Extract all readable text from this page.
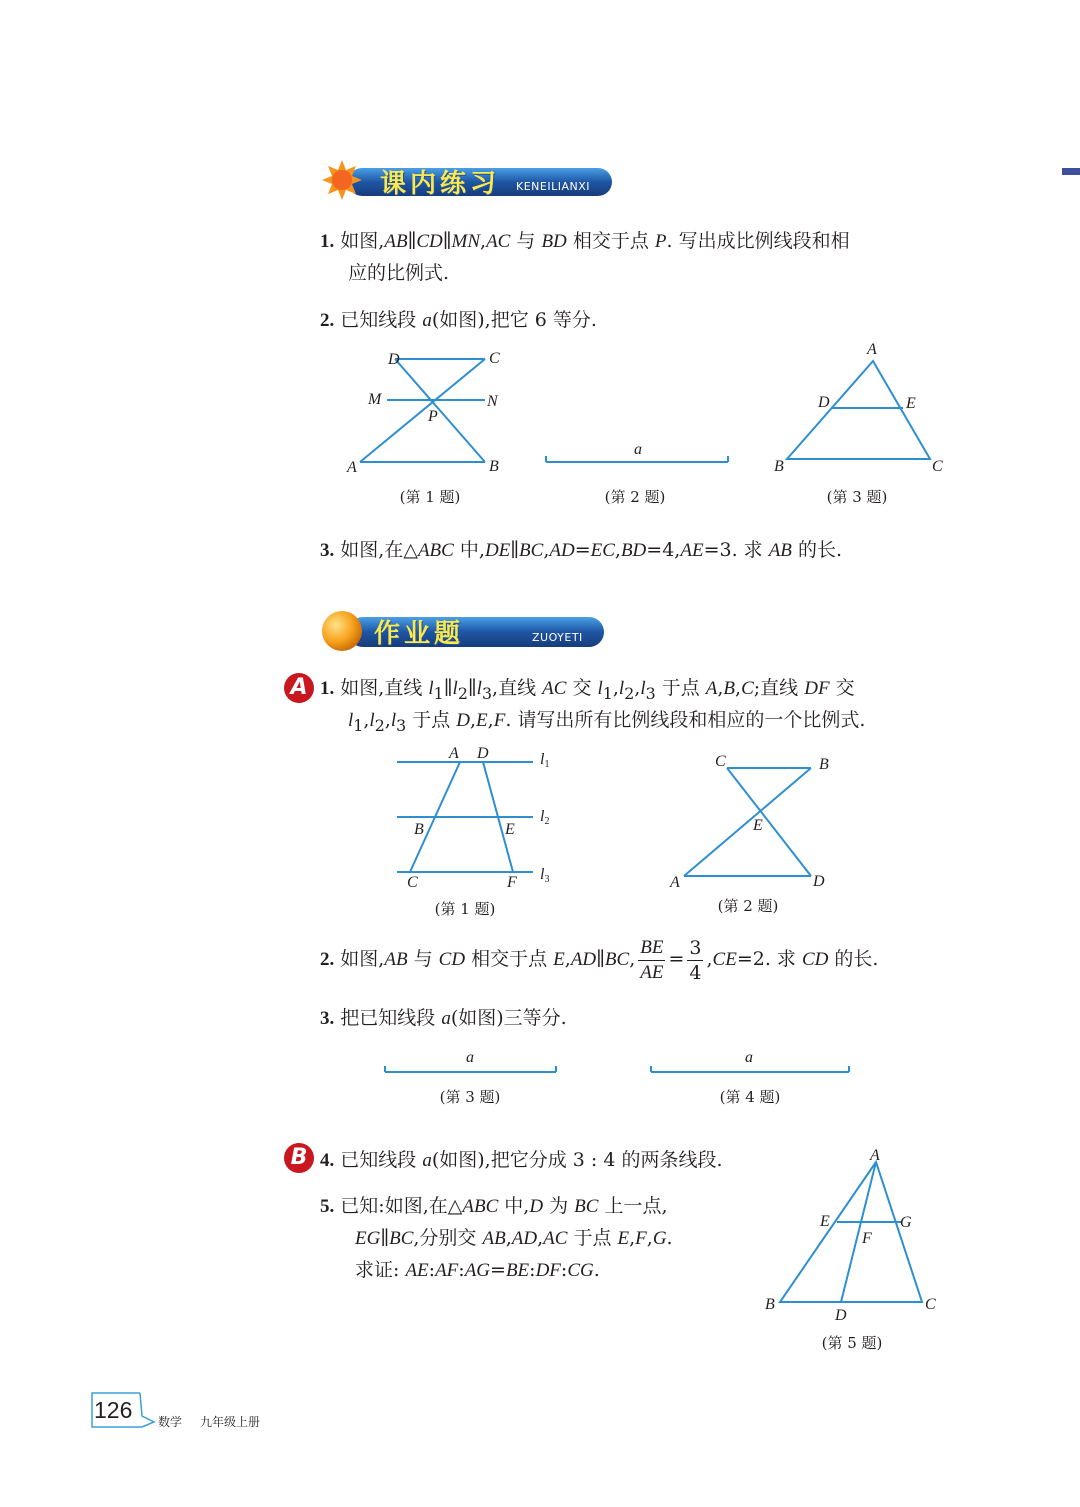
课内练习 KENEILIANXI
1. 如图,AB∥CD∥MN,AC 与 BD 相交于点 P. 写出成比例线段和相
应的比例式.
2. 已知线段 a(如图),把它 6 等分.
D	C
M	N
P
A	B
(第 1 题)
a
(第 2 题)
A
D	E
B	C
(第 3 题)
3. 如图,在△ABC 中,DE∥BC,AD=EC,BD=4,AE=3. 求 AB 的长.
作业题	ZUOYETI
A 1. 如图,直线 $l_1\parallel l_2\parallel l_3$,直线 AC 交 $l_1,l_2,l_3$ 于点 A,B,C;直线 DF 交
$l_1,l_2,l_3$ 于点 D,E,F. 请写出所有比例线段和相应的一个比例式.
A D	l1
B	E
l2
C	F l3
(第 1 题)
C	B
E
A	D
(第 2 题)
2. 如图,AB 与 CD 相交于点 E,AD∥BC, $\frac{BE}{AE} = \frac{3}{4} ,CE=2$. 求 CD 的长.
3. 把已知线段 a(如图)三等分.
a
(第 3 题)
a
(第 4 题)
B 4. 已知线段 a(如图),把它分成 3 : 4 的两条线段.
5. 已知:如图,在△ABC 中,D 为 BC 上一点,
EG∥BC,分别交 AB,AD,AC 于点 E,F,G.
求证: AE:AF:AG=BE:DF:CG.
A
E	G
F
B
D
C
(第 5 题)
126 数学 九年级上册
